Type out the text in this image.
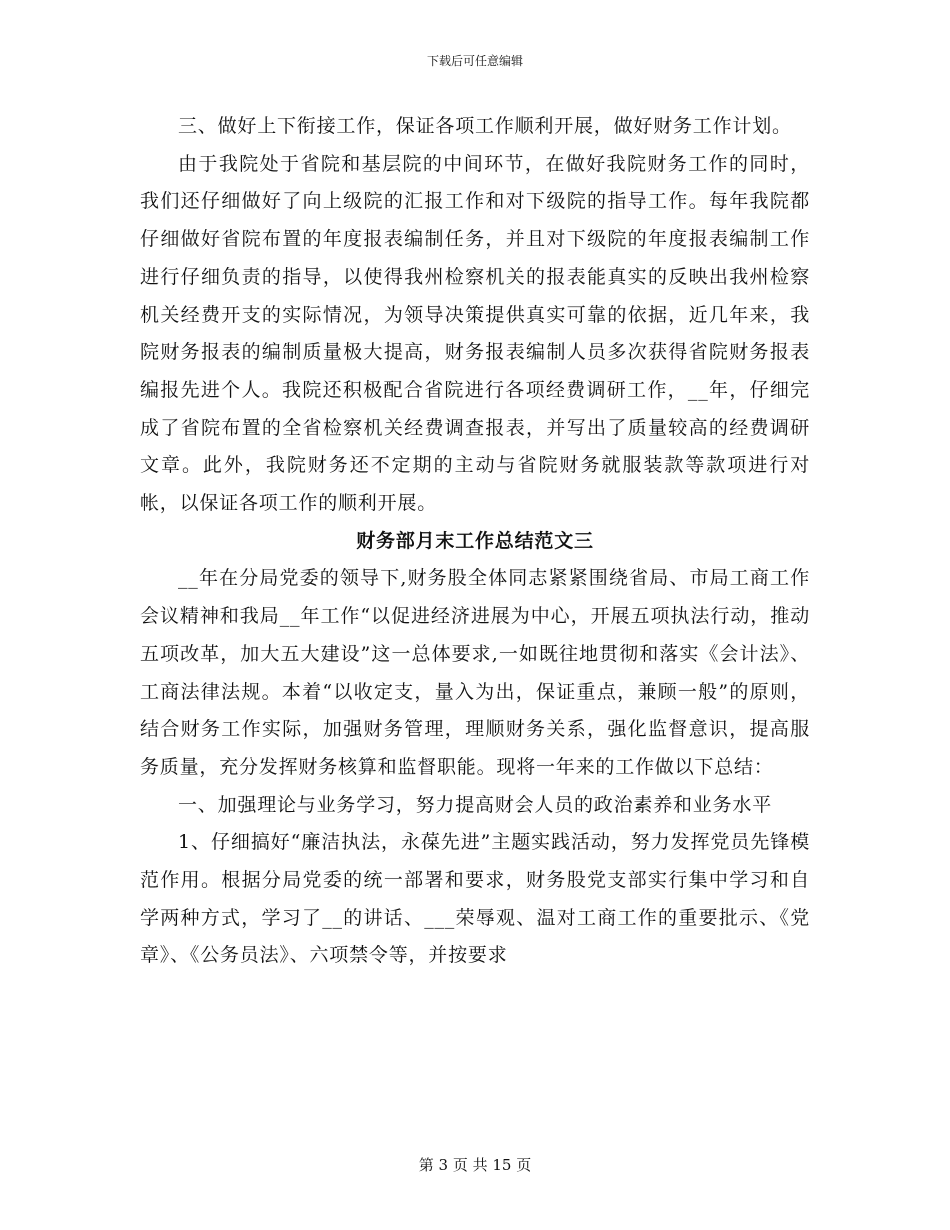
下载后可任意编辑

三、做好上下衔接工作，保证各项工作顺利开展，做好财务工作计划。

由于我院处于省院和基层院的中间环节，在做好我院财务工作的同时，我们还仔细做好了向上级院的汇报工作和对下级院的指导工作。每年我院都仔细做好省院布置的年度报表编制任务，并且对下级院的年度报表编制工作进行仔细负责的指导，以使得我州检察机关的报表能真实的反映出我州检察机关经费开支的实际情况，为领导决策提供真实可靠的依据，近几年来，我院财务报表的编制质量极大提高，财务报表编制人员多次获得省院财务报表编报先进个人。我院还积极配合省院进行各项经费调研工作，__年，仔细完成了省院布置的全省检察机关经费调查报表，并写出了质量较高的经费调研文章。此外，我院财务还不定期的主动与省院财务就服装款等款项进行对帐，以保证各项工作的顺利开展。

财务部月末工作总结范文三

__年在分局党委的领导下,财务股全体同志紧紧围绕省局、市局工商工作会议精神和我局__年工作“以促进经济进展为中心，开展五项执法行动，推动五项改革，加大五大建设”这一总体要求,一如既往地贯彻和落实《会计法》、工商法律法规。本着“以收定支，量入为出，保证重点，兼顾一般”的原则，结合财务工作实际，加强财务管理，理顺财务关系，强化监督意识，提高服务质量，充分发挥财务核算和监督职能。现将一年来的工作做以下总结：

一、加强理论与业务学习，努力提高财会人员的政治素养和业务水平

1、仔细搞好“廉洁执法，永葆先进”主题实践活动，努力发挥党员先锋模范作用。根据分局党委的统一部署和要求，财务股党支部实行集中学习和自学两种方式，学习了__的讲话、___荣辱观、温对工商工作的重要批示、《党章》、《公务员法》、六项禁令等，并按要求

第 3 页 共 15 页
